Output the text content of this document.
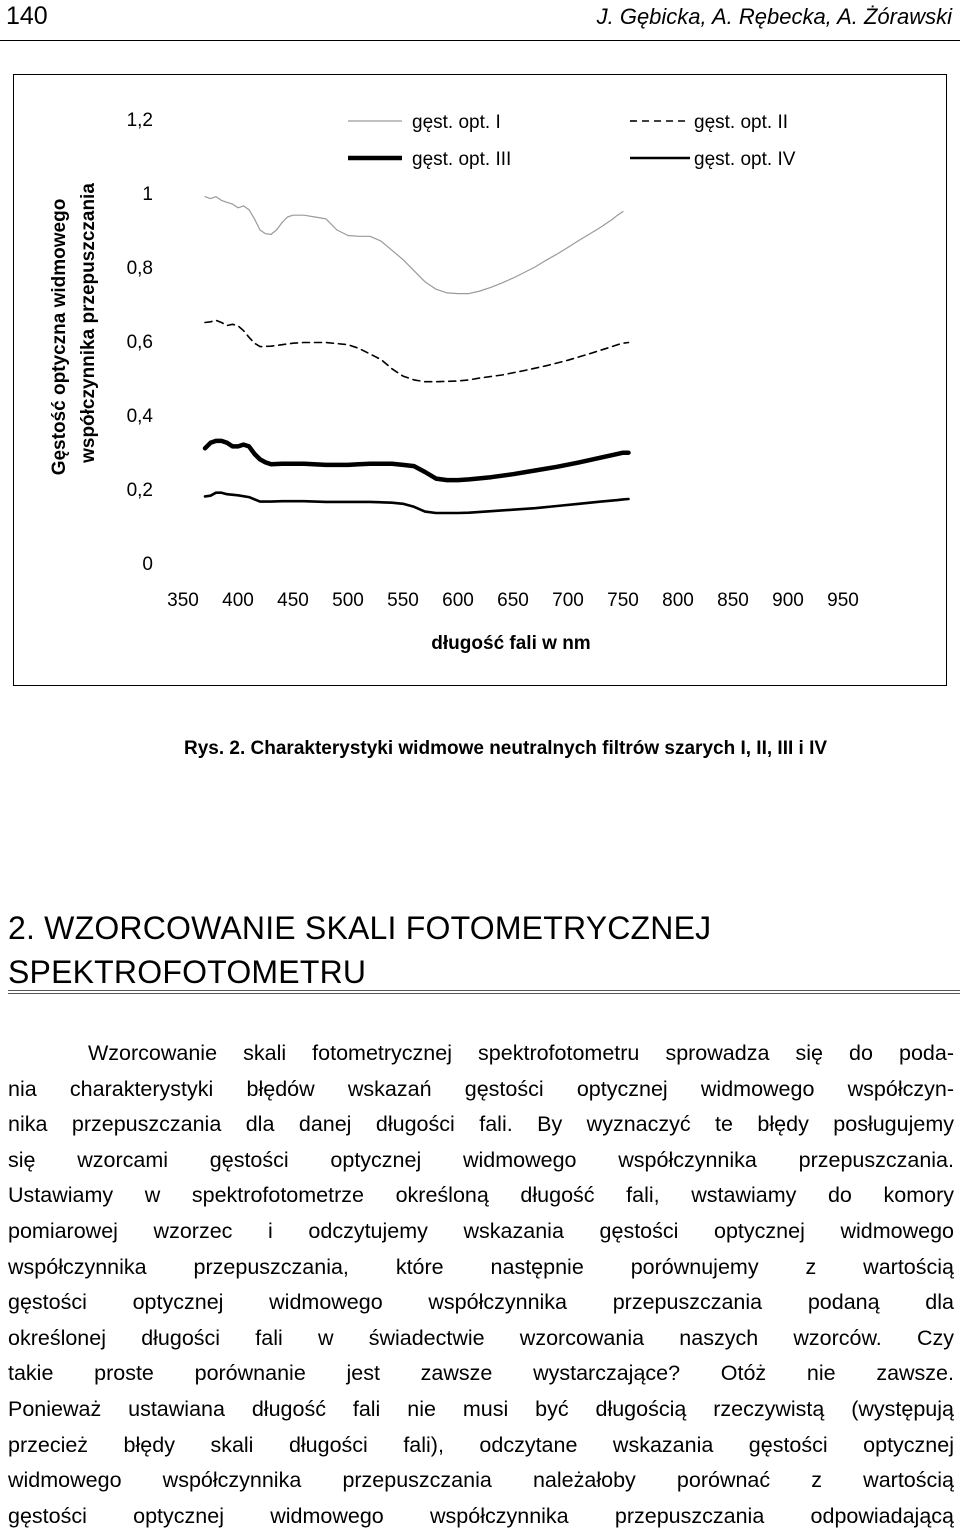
140	J. Gębicka, A. Rębecka, A. Żórawski
Gęstość optyczna widmowego współczynnika przepuszczania
0
0,2
0,4
0,6
0,8
1
1,2
350 400 450 500 550 600 650 700 750 800 850 900 950
długość fali w nm
gęst. opt. I	gęst. opt. II
gęst. opt. III	gęst. opt. IV
Rys. 2. Charakterystyki widmowe neutralnych filtrów szarych I, II, III i IV
2. WZORCOWANIE SKALI FOTOMETRYCZNEJ
SPEKTROFOTOMETRU
Wzorcowanie skali fotometrycznej spektrofotometru sprowadza się do poda-
nia charakterystyki błędów wskazań gęstości optycznej widmowego współczyn-
nika przepuszczania dla danej długości fali. By wyznaczyć te błędy posługujemy
się wzorcami gęstości optycznej widmowego współczynnika przepuszczania.
Ustawiamy w spektrofotometrze określoną długość fali, wstawiamy do komory
pomiarowej wzorzec i odczytujemy wskazania gęstości optycznej widmowego
współczynnika przepuszczania, które następnie porównujemy z wartością
gęstości optycznej widmowego współczynnika przepuszczania podaną dla
określonej długości fali w świadectwie wzorcowania naszych wzorców. Czy
takie proste porównanie jest zawsze wystarczające? Otóż nie zawsze.
Ponieważ ustawiana długość fali nie musi być długością rzeczywistą (występują
przecież błędy skali długości fali), odczytane wskazania gęstości optycznej
widmowego współczynnika przepuszczania należałoby porównać z wartością
gęstości optycznej widmowego współczynnika przepuszczania odpowiadającą
